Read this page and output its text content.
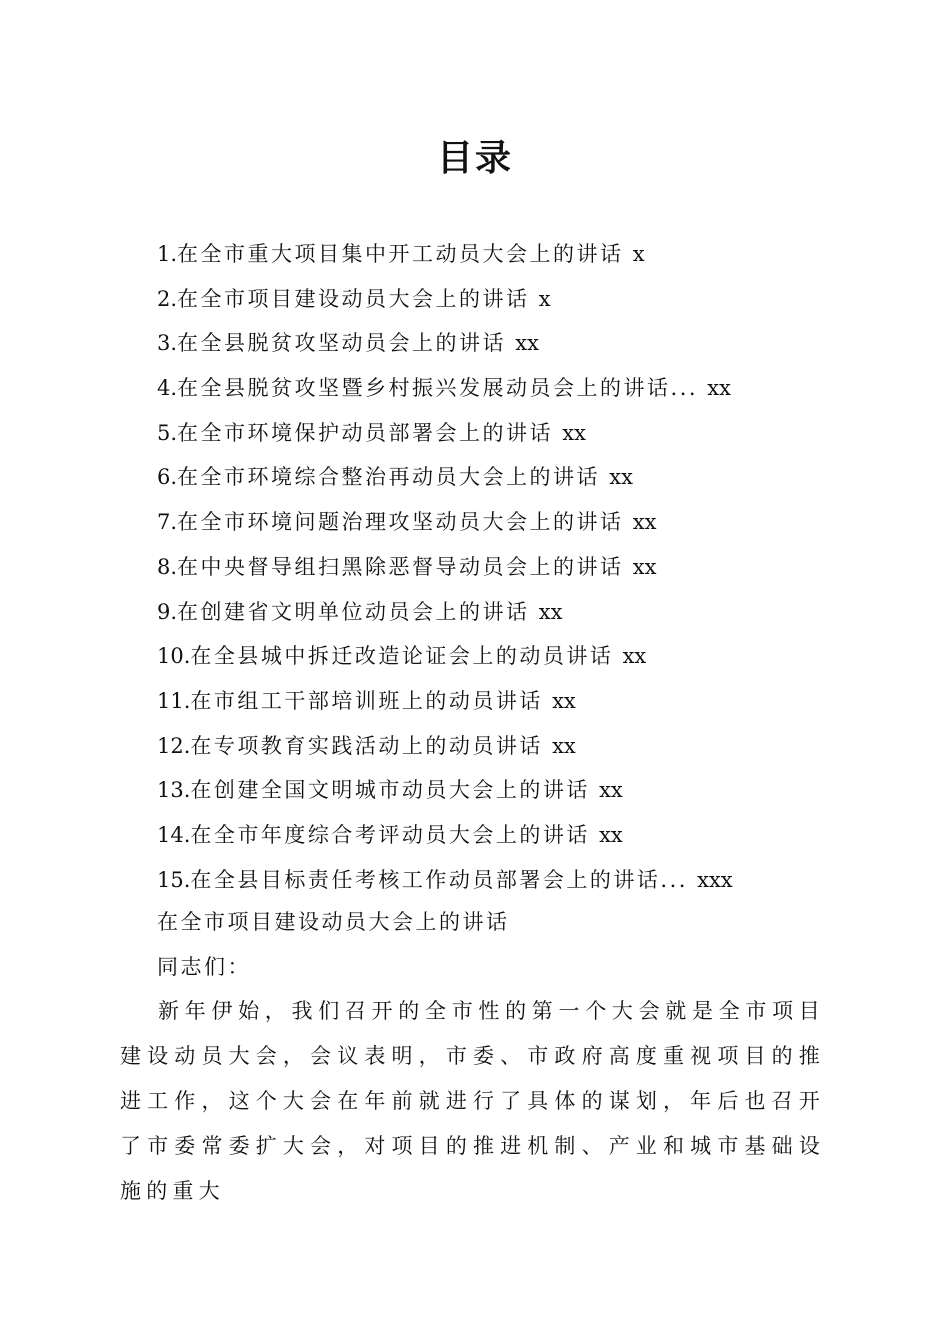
目录
1.在全市重大项目集中开工动员大会上的讲话 x
2.在全市项目建设动员大会上的讲话 x
3.在全县脱贫攻坚动员会上的讲话 xx
4.在全县脱贫攻坚暨乡村振兴发展动员会上的讲话... xx
5.在全市环境保护动员部署会上的讲话 xx
6.在全市环境综合整治再动员大会上的讲话 xx
7.在全市环境问题治理攻坚动员大会上的讲话 xx
8.在中央督导组扫黑除恶督导动员会上的讲话 xx
9.在创建省文明单位动员会上的讲话 xx
10.在全县城中拆迁改造论证会上的动员讲话 xx
11.在市组工干部培训班上的动员讲话 xx
12.在专项教育实践活动上的动员讲话 xx
13.在创建全国文明城市动员大会上的讲话 xx
14.在全市年度综合考评动员大会上的讲话 xx
15.在全县目标责任考核工作动员部署会上的讲话... xxx
在全市项目建设动员大会上的讲话
同志们：

新年伊始，我们召开的全市性的第一个大会就是全市项目建设动员大会，会议表明，市委、市政府高度重视项目的推进工作，这个大会在年前就进行了具体的谋划，年后也召开了市委常委扩大会，对项目的推进机制、产业和城市基础设施的重大
